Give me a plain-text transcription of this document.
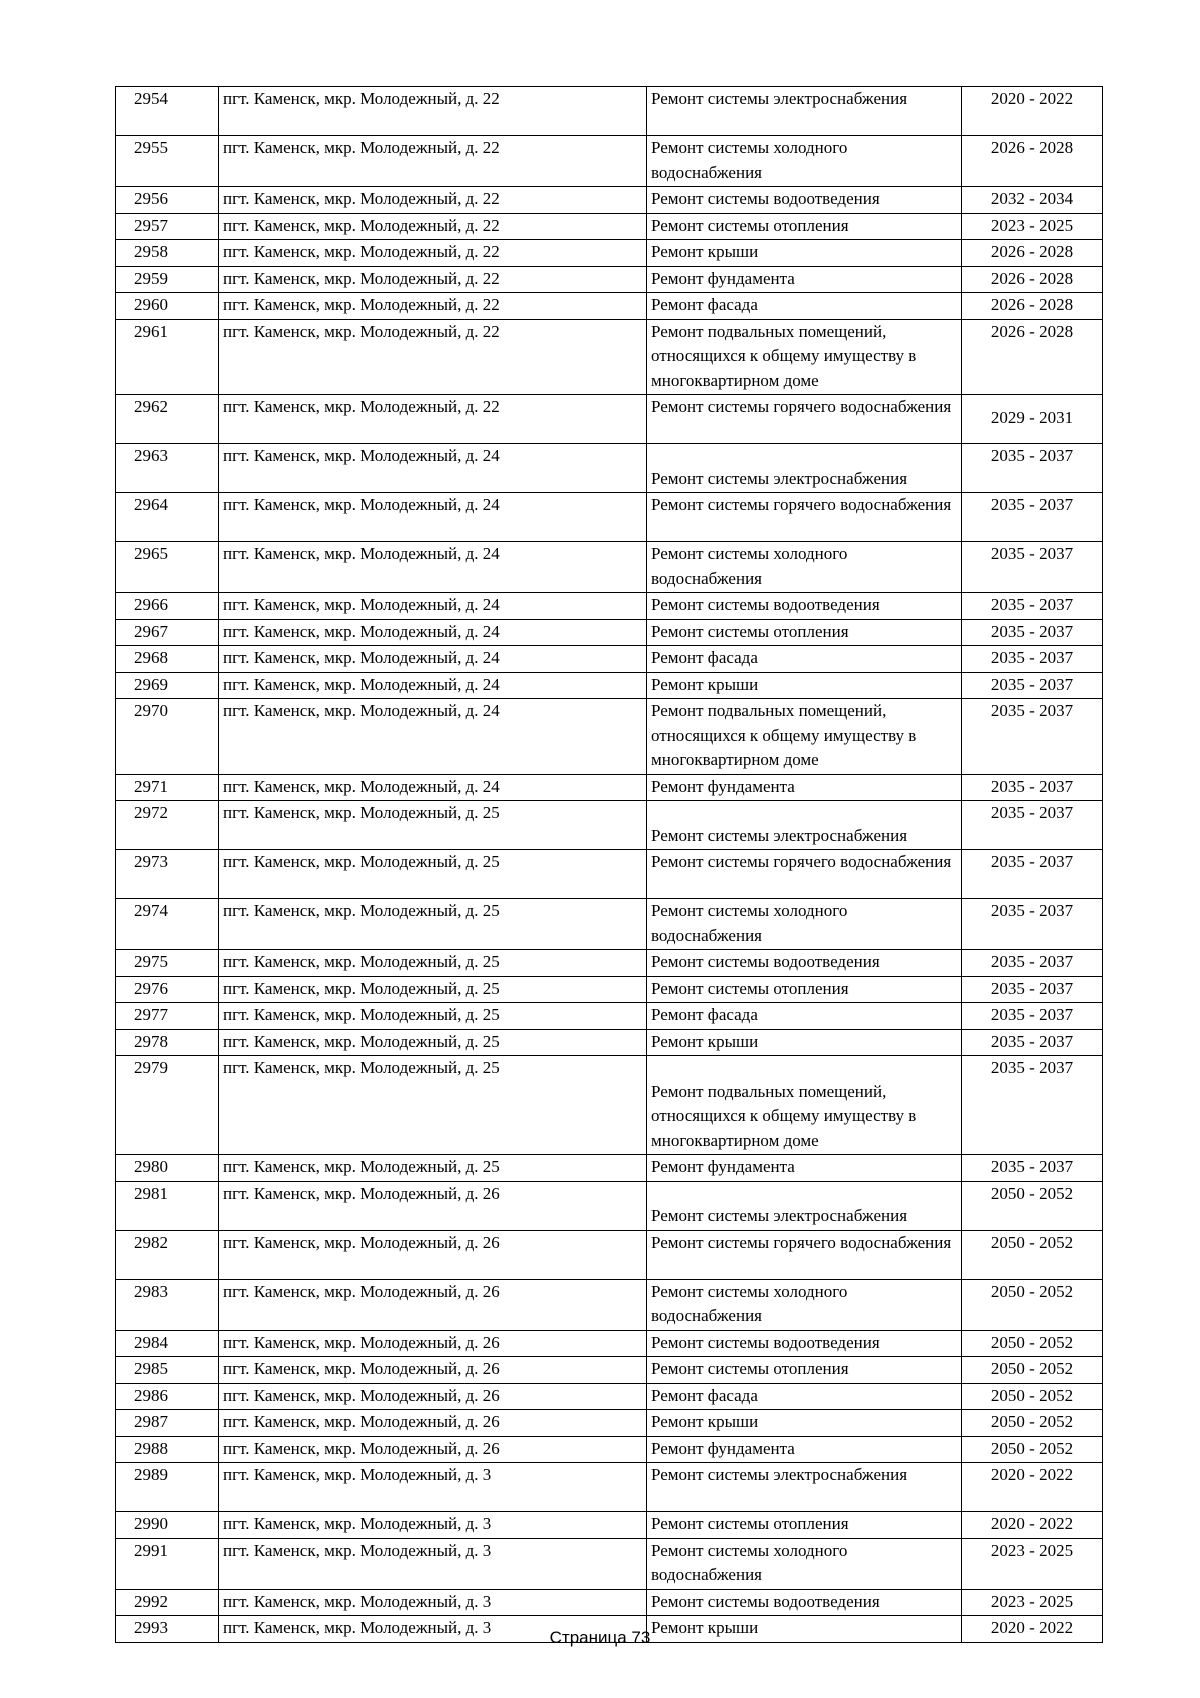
2954	пгт. Каменск, мкр. Молодежный, д. 22	Ремонт системы электроснабжения	2020 - 2022
2955	пгт. Каменск, мкр. Молодежный, д. 22	Ремонт системы холодного водоснабжения	2026 - 2028
2956	пгт. Каменск, мкр. Молодежный, д. 22	Ремонт системы водоотведения	2032 - 2034
2957	пгт. Каменск, мкр. Молодежный, д. 22	Ремонт системы отопления	2023 - 2025
2958	пгт. Каменск, мкр. Молодежный, д. 22	Ремонт крыши	2026 - 2028
2959	пгт. Каменск, мкр. Молодежный, д. 22	Ремонт фундамента	2026 - 2028
2960	пгт. Каменск, мкр. Молодежный, д. 22	Ремонт фасада	2026 - 2028
2961	пгт. Каменск, мкр. Молодежный, д. 22	Ремонт подвальных помещений, относящихся к общему имуществу в многоквартирном доме	2026 - 2028
2962	пгт. Каменск, мкр. Молодежный, д. 22	Ремонт системы горячего водоснабжения	2029 - 2031
2963	пгт. Каменск, мкр. Молодежный, д. 24	Ремонт системы электроснабжения	2035 - 2037
2964	пгт. Каменск, мкр. Молодежный, д. 24	Ремонт системы горячего водоснабжения	2035 - 2037
2965	пгт. Каменск, мкр. Молодежный, д. 24	Ремонт системы холодного водоснабжения	2035 - 2037
2966	пгт. Каменск, мкр. Молодежный, д. 24	Ремонт системы водоотведения	2035 - 2037
2967	пгт. Каменск, мкр. Молодежный, д. 24	Ремонт системы отопления	2035 - 2037
2968	пгт. Каменск, мкр. Молодежный, д. 24	Ремонт фасада	2035 - 2037
2969	пгт. Каменск, мкр. Молодежный, д. 24	Ремонт крыши	2035 - 2037
2970	пгт. Каменск, мкр. Молодежный, д. 24	Ремонт подвальных помещений, относящихся к общему имуществу в многоквартирном доме	2035 - 2037
2971	пгт. Каменск, мкр. Молодежный, д. 24	Ремонт фундамента	2035 - 2037
2972	пгт. Каменск, мкр. Молодежный, д. 25	Ремонт системы электроснабжения	2035 - 2037
2973	пгт. Каменск, мкр. Молодежный, д. 25	Ремонт системы горячего водоснабжения	2035 - 2037
2974	пгт. Каменск, мкр. Молодежный, д. 25	Ремонт системы холодного водоснабжения	2035 - 2037
2975	пгт. Каменск, мкр. Молодежный, д. 25	Ремонт системы водоотведения	2035 - 2037
2976	пгт. Каменск, мкр. Молодежный, д. 25	Ремонт системы отопления	2035 - 2037
2977	пгт. Каменск, мкр. Молодежный, д. 25	Ремонт фасада	2035 - 2037
2978	пгт. Каменск, мкр. Молодежный, д. 25	Ремонт крыши	2035 - 2037
2979	пгт. Каменск, мкр. Молодежный, д. 25	Ремонт подвальных помещений, относящихся к общему имуществу в многоквартирном доме	2035 - 2037
2980	пгт. Каменск, мкр. Молодежный, д. 25	Ремонт фундамента	2035 - 2037
2981	пгт. Каменск, мкр. Молодежный, д. 26	Ремонт системы электроснабжения	2050 - 2052
2982	пгт. Каменск, мкр. Молодежный, д. 26	Ремонт системы горячего водоснабжения	2050 - 2052
2983	пгт. Каменск, мкр. Молодежный, д. 26	Ремонт системы холодного водоснабжения	2050 - 2052
2984	пгт. Каменск, мкр. Молодежный, д. 26	Ремонт системы водоотведения	2050 - 2052
2985	пгт. Каменск, мкр. Молодежный, д. 26	Ремонт системы отопления	2050 - 2052
2986	пгт. Каменск, мкр. Молодежный, д. 26	Ремонт фасада	2050 - 2052
2987	пгт. Каменск, мкр. Молодежный, д. 26	Ремонт крыши	2050 - 2052
2988	пгт. Каменск, мкр. Молодежный, д. 26	Ремонт фундамента	2050 - 2052
2989	пгт. Каменск, мкр. Молодежный, д. 3	Ремонт системы электроснабжения	2020 - 2022
2990	пгт. Каменск, мкр. Молодежный, д. 3	Ремонт системы отопления	2020 - 2022
2991	пгт. Каменск, мкр. Молодежный, д. 3	Ремонт системы холодного водоснабжения	2023 - 2025
2992	пгт. Каменск, мкр. Молодежный, д. 3	Ремонт системы водоотведения	2023 - 2025
2993	пгт. Каменск, мкр. Молодежный, д. 3	Ремонт крыши	2020 - 2022
Страница 73
